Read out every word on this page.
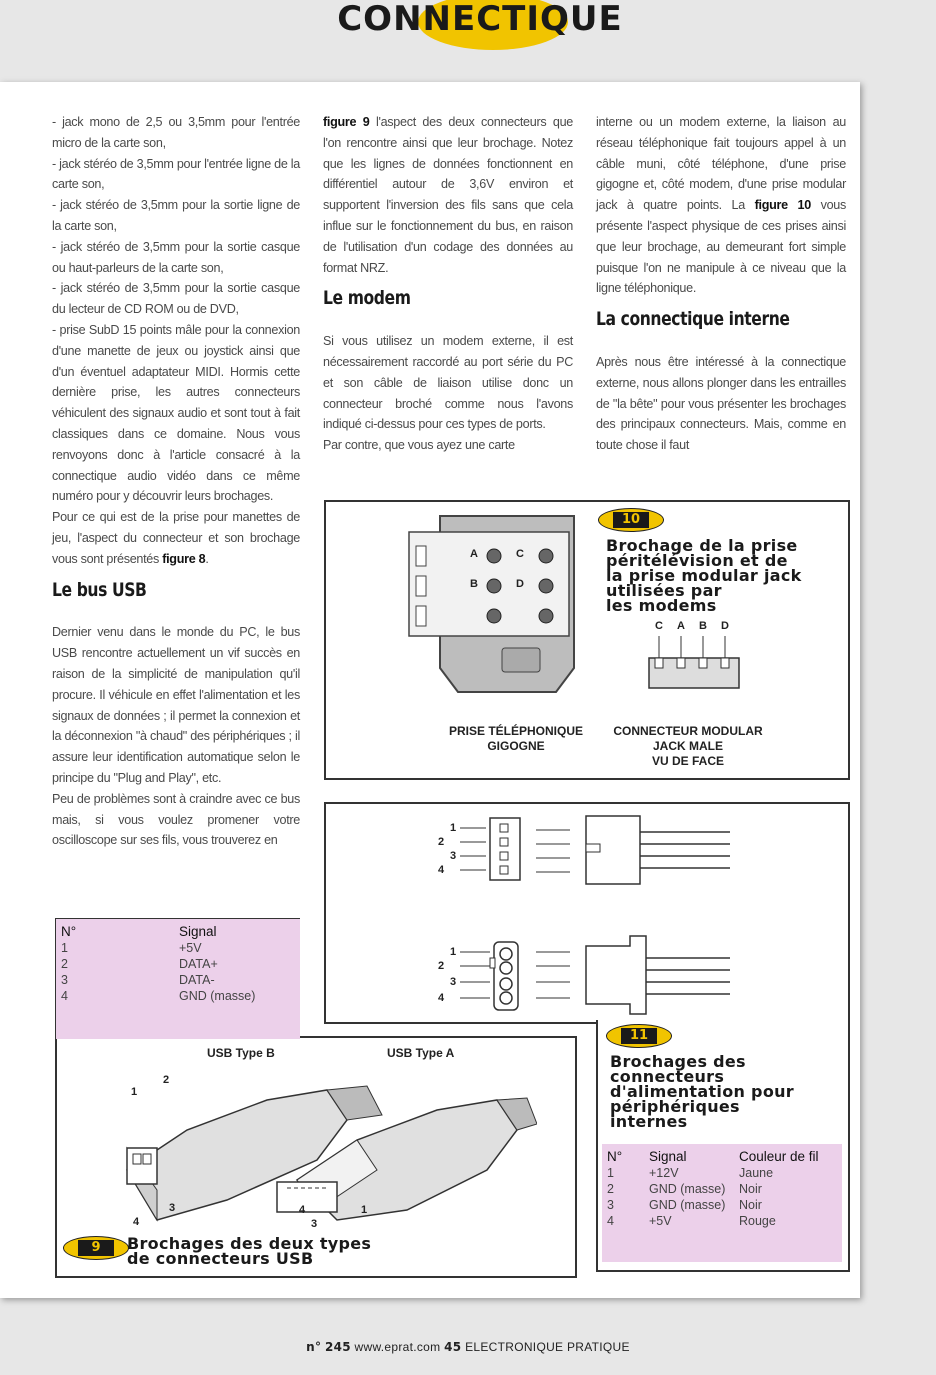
CONNECTIQUE

- jack mono de 2,5 ou 3,5mm pour l'entrée micro de la carte son,

- jack stéréo de 3,5mm pour l'entrée ligne de la carte son,

- jack stéréo de 3,5mm pour la sortie ligne de la carte son,

- jack stéréo de 3,5mm pour la sortie casque ou haut-parleurs de la carte son,

- jack stéréo de 3,5mm pour la sortie casque du lecteur de CD ROM ou de DVD,

- prise SubD 15 points mâle pour la connexion d'une manette de jeux ou joystick ainsi que d'un éventuel adaptateur MIDI. Hormis cette dernière prise, les autres connecteurs véhiculent des signaux audio et sont tout à fait classiques dans ce domaine. Nous vous renvoyons donc à l'article consacré à la connectique audio vidéo dans ce même numéro pour y découvrir leurs brochages.

Pour ce qui est de la prise pour manettes de jeu, l'aspect du connecteur et son brochage vous sont présentés figure 8.

Le bus USB

Dernier venu dans le monde du PC, le bus USB rencontre actuellement un vif succès en raison de la simplicité de manipulation qu'il procure. Il véhicule en effet l'alimentation et les signaux de données ; il permet la connexion et la déconnexion "à chaud" des périphériques ; il assure leur identification automatique selon le principe du "Plug and Play", etc.

Peu de problèmes sont à craindre avec ce bus mais, si vous voulez promener votre oscilloscope sur ses fils, vous trouverez en

figure 9 l'aspect des deux connecteurs que l'on rencontre ainsi que leur brochage. Notez que les lignes de données fonctionnent en différentiel autour de 3,6V environ et supportent l'inversion des fils sans que cela influe sur le fonctionnement du bus, en raison de l'utilisation d'un codage des données au format NRZ.

Le modem

Si vous utilisez un modem externe, il est nécessairement raccordé au port série du PC et son câble de liaison utilise donc un connecteur broché comme nous l'avons indiqué ci-dessus pour ces types de ports.

Par contre, que vous ayez une carte

interne ou un modem externe, la liaison au réseau téléphonique fait toujours appel à un câble muni, côté téléphone, d'une prise gigogne et, côté modem, d'une prise modular jack à quatre points. La figure 10 vous présente l'aspect physique de ces prises ainsi que leur brochage, au demeurant fort simple puisque l'on ne manipule à ce niveau que la ligne téléphonique.

La connectique interne

Après nous être intéressé à la connectique externe, nous allons plonger dans les entrailles de "la bête" pour vous présenter les brochages des principaux connecteurs. Mais, comme en toute chose il faut

A
B
C
D
10
Brochage de la prise
péritélévision et de
la prise modular jack
utilisées par
les modems
C A B D
PRISE TÉLÉPHONIQUE
GIGOGNE
CONNECTEUR MODULAR
JACK MALE
VU DE FACE
1
2
3
4
1
2
3
4
11
Brochages des
connecteurs
d'alimentation pour
périphériques
internes
N°	Signal	Couleur de fil
1	+12V	Jaune
2	GND (masse)	Noir
3	GND (masse)	Noir
4	+5V	Rouge
USB Type B	USB Type A
1
2
3
4
4
3
1
9	Brochages des deux types
de connecteurs USB
N°	Signal
1	+5V
2	DATA+
3	DATA-
4	GND (masse)
n° 245 www.eprat.com 45 ELECTRONIQUE PRATIQUE
